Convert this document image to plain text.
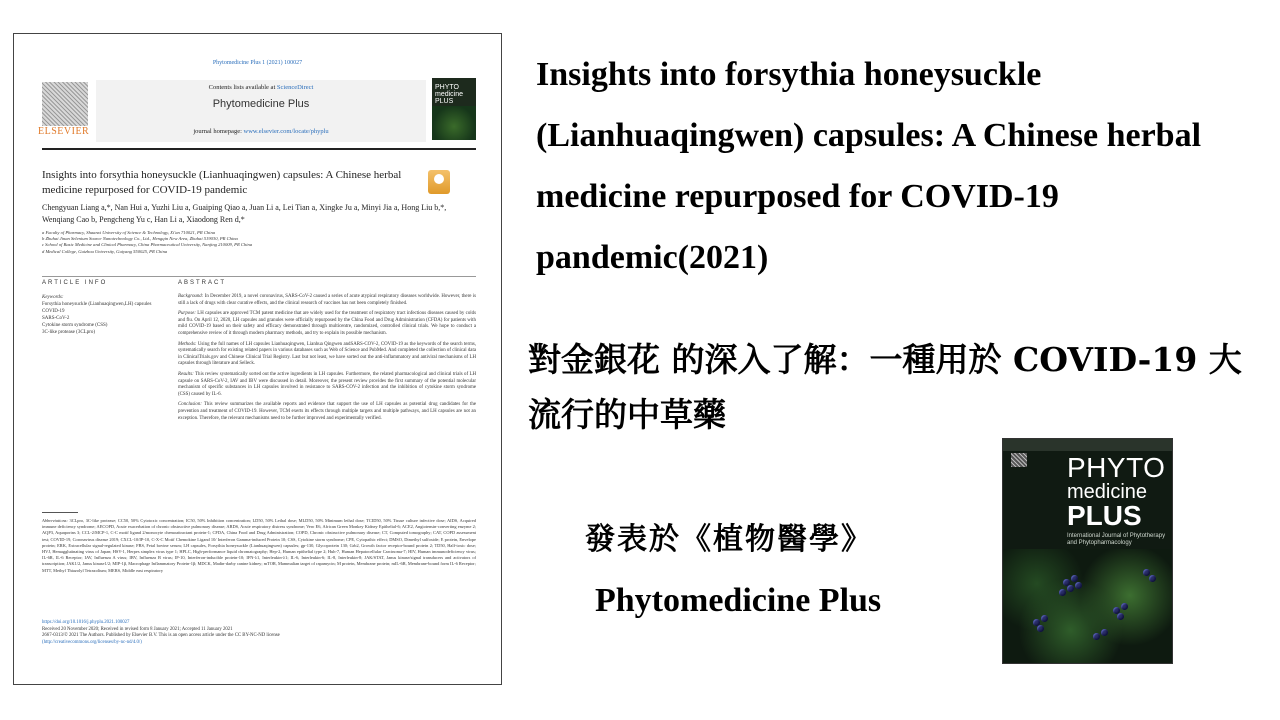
Phytomedicine Plus 1 (2021) 100027
Contents lists available at ScienceDirect
Phytomedicine Plus
journal homepage: www.elsevier.com/locate/phyplu
ELSEVIER
PHYTO medicine PLUS
Insights into forsythia honeysuckle (Lianhuaqingwen) capsules: A Chinese herbal medicine repurposed for COVID-19 pandemic
Chengyuan Liang a,*, Nan Hui a, Yuzhi Liu a, Guaiping Qiao a, Juan Li a, Lei Tian a, Xingke Ju a, Minyi Jia a, Hong Liu b,*, Wenqiang Cao b, Pengcheng Yu c, Han Li a, Xiaodong Ren d,*
a Faculty of Pharmacy, Shaanxi University of Science & Technology, Xi'an 710021, PR China
b Zhuhai Jinan Selenium Source Nanotechnology Co., Ltd., Hengqin New Area, Zhuhai 519030, PR China
c School of Basic Medicine and Clinical Pharmacy, China Pharmaceutical University, Nanjing 210009, PR China
d Medical College, Guizhou University, Guiyang 550025, PR China
ARTICLE INFO	ABSTRACT
Keywords:
Forsythia honeysuckle (Lianhuaqingwen,LH) capsules
COVID-19
SARS-CoV-2
Cytokine storm syndrome (CSS)
3C-like protease (3CLpro)

Background: In December 2019, a novel coronavirus, SARS-CoV-2 caused a series of acute atypical respiratory diseases worldwide. However, there is still a lack of drugs with clear curative effects, and the clinical research of vaccines has not been completely finished.

Purpose: LH capsules are approved TCM patent medicine that are widely used for the treatment of respiratory tract infectious diseases caused by colds and flu. On April 12, 2020, LH capsules and granules were officially repurposed by the China Food and Drug Administration (CFDA) for patients with mild COVID-19 based on their safety and efficacy demonstrated through multicentre, randomized, controlled clinical trials. We hope to conduct a comprehensive review of it through modern pharmacy methods, and try to explain its possible mechanism.

Methods: Using the full names of LH capsules Lianhuaqingwen, Lianhua Qingwen andSARS-COV-2, COVID-19 as the keywords of the search terms, systematically search for existing related papers in various databases such as Web of Science and PubMed. And completed the collection of clinical data in ClinicalTrials.gov and Chinese Clinical Trial Registry. Last but not least, we have sorted out the anti-inflammatory and antiviral mechanisms of LH capsules through literature and Selleck.

Results: This review systematically sorted out the active ingredients in LH capsules. Furthermore, the related pharmacological and clinical trials of LH capsule on SARS-CoV-2, IAV and IBV were discussed in detail. Moreover, the present review provides the first summary of the potential molecular mechanism of specific substances in LH capsules involved in resistance to SARS-COV-2 infection and the inhibition of cytokine storm syndrome (CSS) caused by IL-6.

Conclusion: This review summarizes the available reports and evidence that support the use of LH capsules as potential drug candidates for the prevention and treatment of COVID-19. However, TCM exerts its effects through multiple targets and multiple pathways, and LH capsules are not an exception. Therefore, the relevant mechanisms need to be further improved and experimentally verified.

Abbreviations: 3CLpro, 3C-like protease; CC50, 50% Cytotoxic concentration; IC50, 50% Inhibition concentration; LD50, 50% Lethal dose; MLD50, 50% Minimum lethal dose; TCID50, 50% Tissue culture infective dose; AIDS, Acquired immune deficiency syndrome; AECOPD, Acute exacerbation of chronic obstructive pulmonary disease; ARDS, Acute respiratory distress syndrome; Vero E6, African Green Monkey Kidney Epithelial-6; ACE2, Angiotensin-converting enzyme 2; AQP3, Aquaporins 3; CCL-2/MCP-1, C-C motif ligand 2/monocyte chemoattractant protein-1; CFDA, China Food and Drug Administration; COPD, Chronic obstructive pulmonary disease; CT, Computed tomography; CAT, COPD assessment test; COVID-19, Coronavirus disease 2019; CXCL-10/IP-10, C-X-C Motif Chemokine Ligand 10/ Interferon Gamma-induced Protein 10; CSS, Cytokine storm syndrome; CPE, Cytopathic effect; DMSO, Dimethyl sulfoxide; E protein, Envelope protein; ERK, Extracellular signal-regulated kinase; FBS, Fetal bovine serum; LH capsules, Forsythia honeysuckle (Lianhuaqingwen) capsules; gp-130, Glycoprotein 130; Grb2, Growth factor receptor-bound protein 2; TD50, Half-toxic dose; HVJ, Hemagglutinating virus of Japan; HSV-1, Herpes simplex virus type 1; HPLC, High-performance liquid chromatography; Hep-2, Human epithelial type 2; Huh-7, Human Hepatocellular Carcinoma-7; HIV, Human immunodeficiency virus; IL-6R, IL-6 Receptor; IAV, Influenza A virus; IBV, Influenza B virus; IP-10, Interferon-inducible protein-10; IFN-λ1, Interleukin-λ1; IL-6, Interleukin-6; IL-8, Interleukin-8; JAK/STAT, Janus kinase/signal transducers and activators of transcription; JAK1/2, Janus kinase1/2; MIP-1β, Macrophage Inflammatory Protein-1β; MDCK, Madin-darby canine kidney; mTOR, Mammalian target of rapamycin; M protein, Membrane protein; mIL-6R, Membrane-bound form IL-6 Receptor; MTT, Methyl Thiazolyl Tetrazolium; MERS, Middle east respiratory
https://doi.org/10.1016/j.phyplu.2021.100027
Received 20 November 2020; Received in revised form 8 January 2021; Accepted 11 January 2021
2667-0313/© 2021 The Authors. Published by Elsevier B.V. This is an open access article under the CC BY-NC-ND license
(http://creativecommons.org/licenses/by-nc-nd/4.0/)
Insights into forsythia honeysuckle (Lianhuaqingwen) capsules: A Chinese herbal medicine repurposed for COVID-19 pandemic(2021)
對金銀花 的深入了解：一種用於 COVID-19 大流行的中草藥
發表於《植物醫學》
Phytomedicine Plus
PHYTO
medicine
PLUS
International Journal of Phytotherapy and Phytopharmacology
